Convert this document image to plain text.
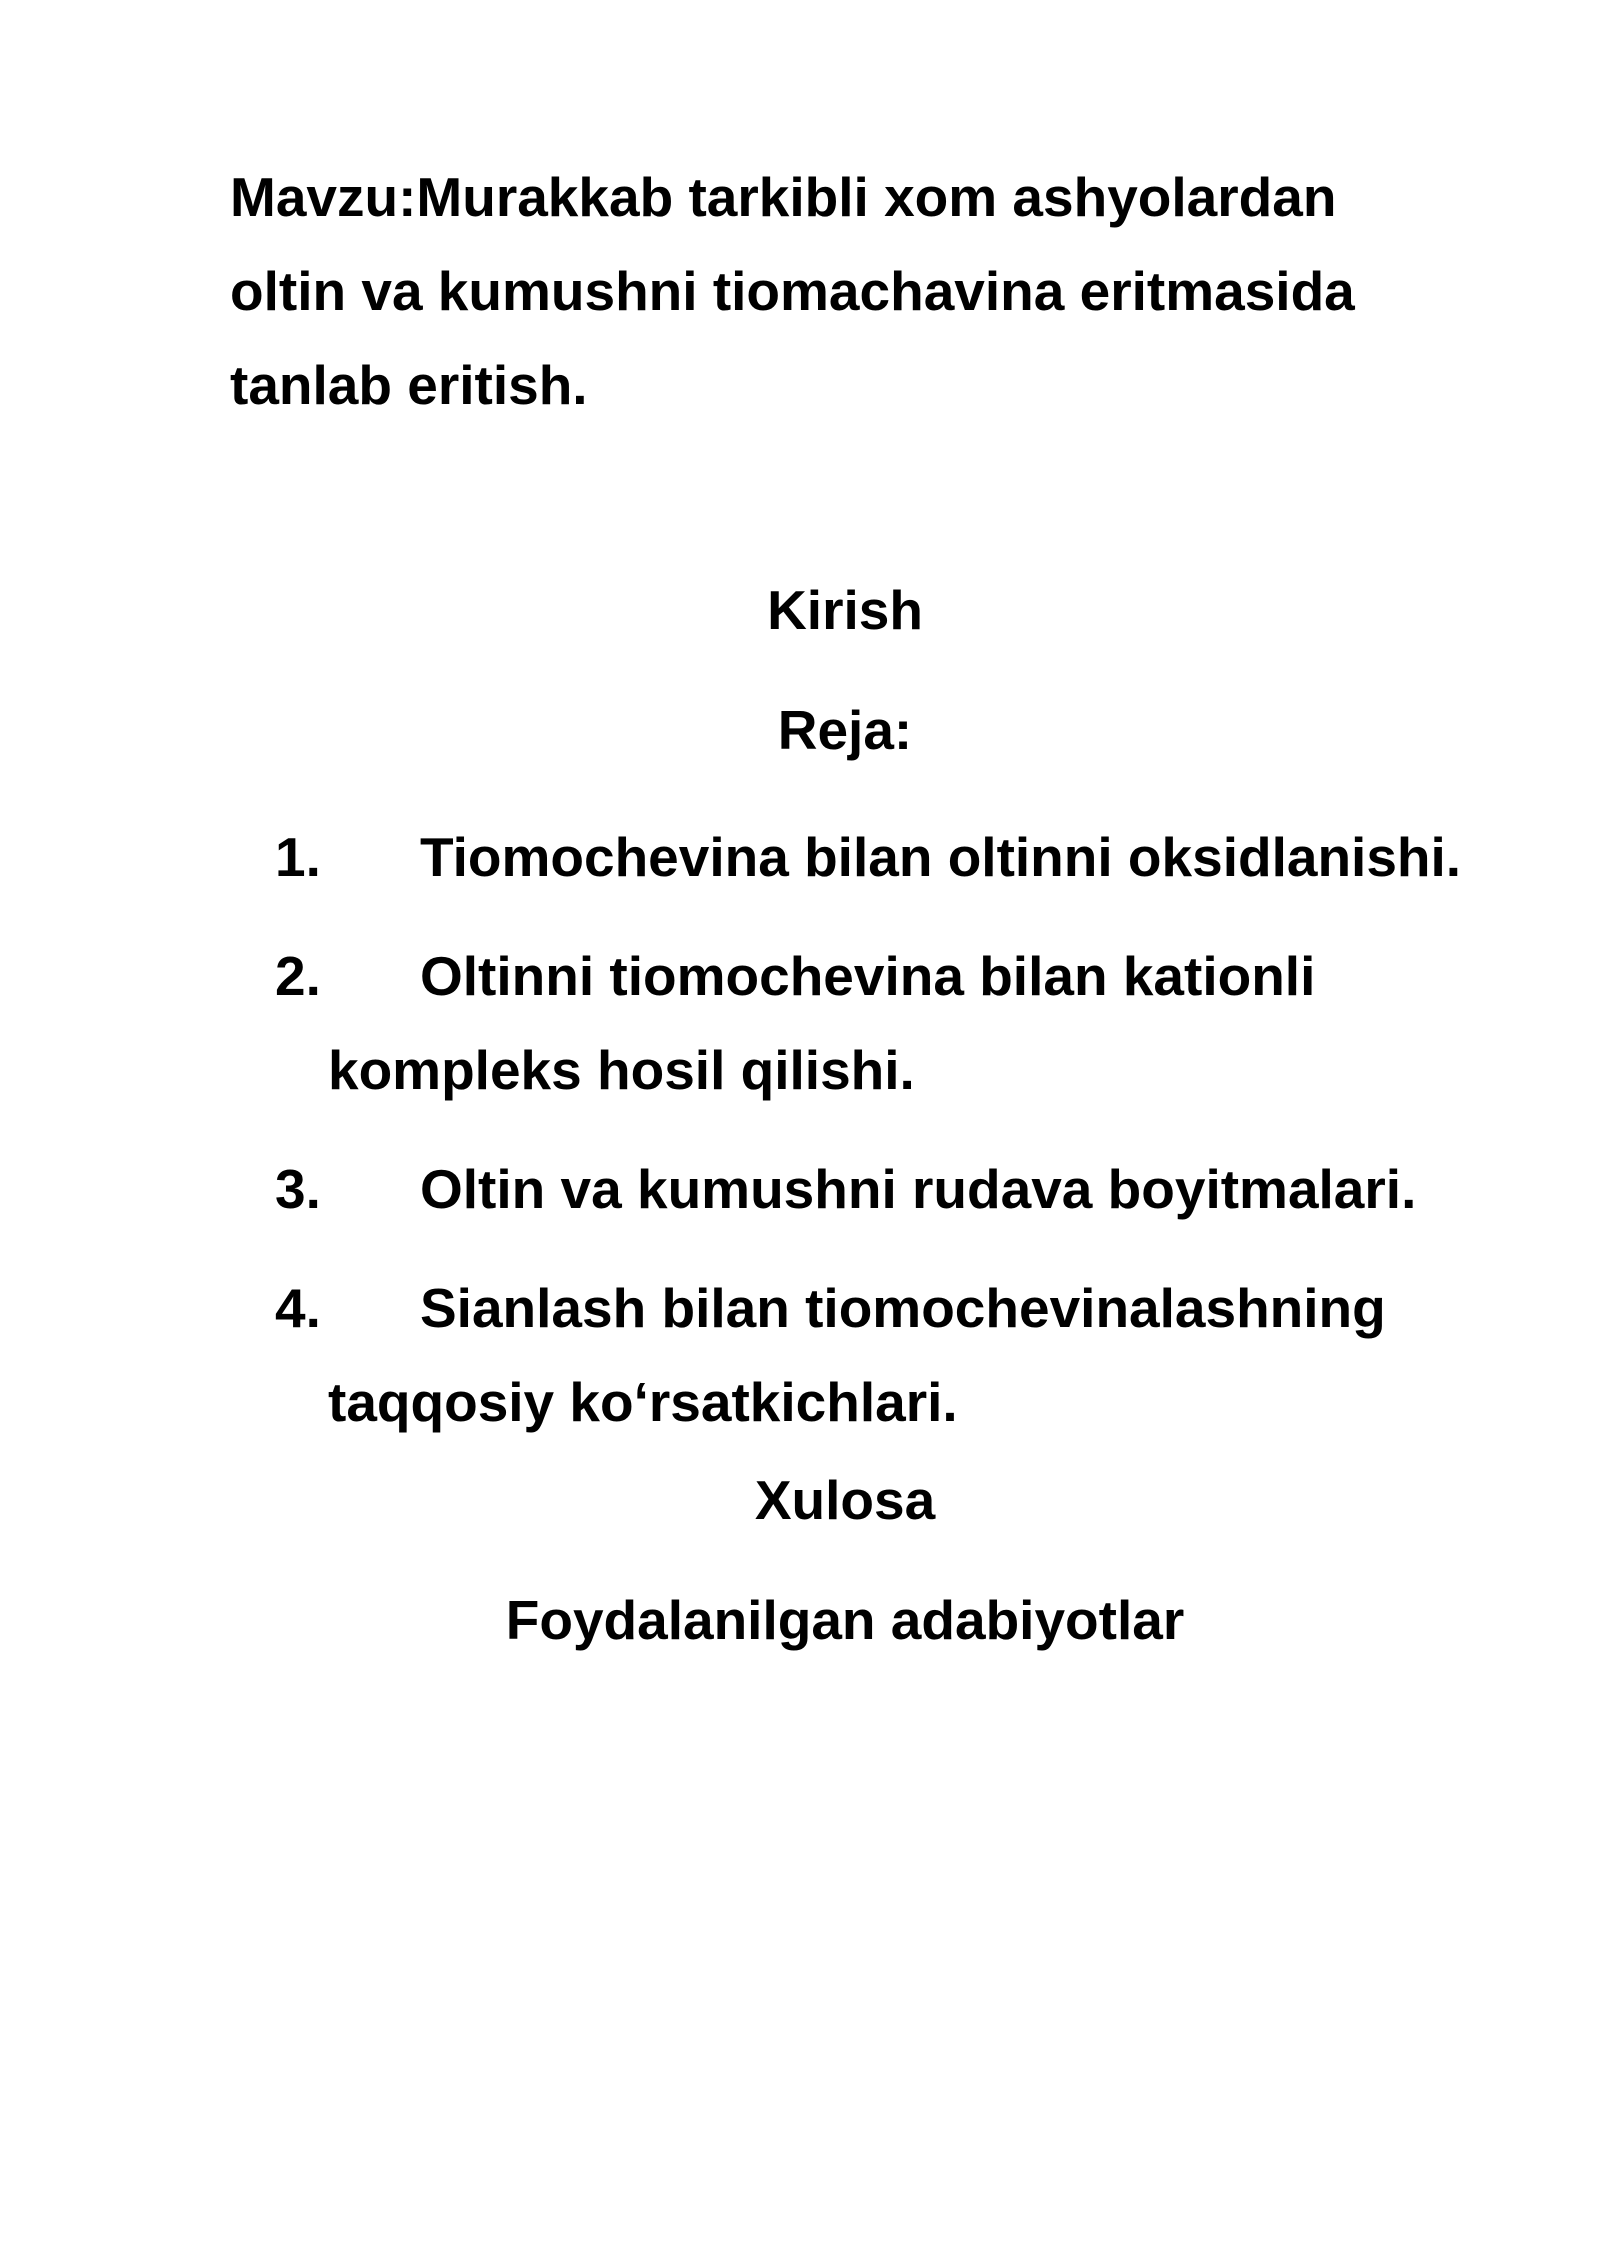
Mavzu:Murakkab tarkibli xom ashyolardan
oltin va kumushni tiomachavina eritmasida
tanlab eritish.

Kirish
Reja:
1. Tiomochevina bilan oltinni oksidlanishi.
2. Oltinni tiomochevina bilan kationli
kompleks hosil qilishi.
3. Oltin va kumushni rudava boyitmalari.
4. Sianlash bilan tiomochevinalashning
taqqosiy ko‘rsatkichlari.
Xulosa
Foydalanilgan adabiyotlar
